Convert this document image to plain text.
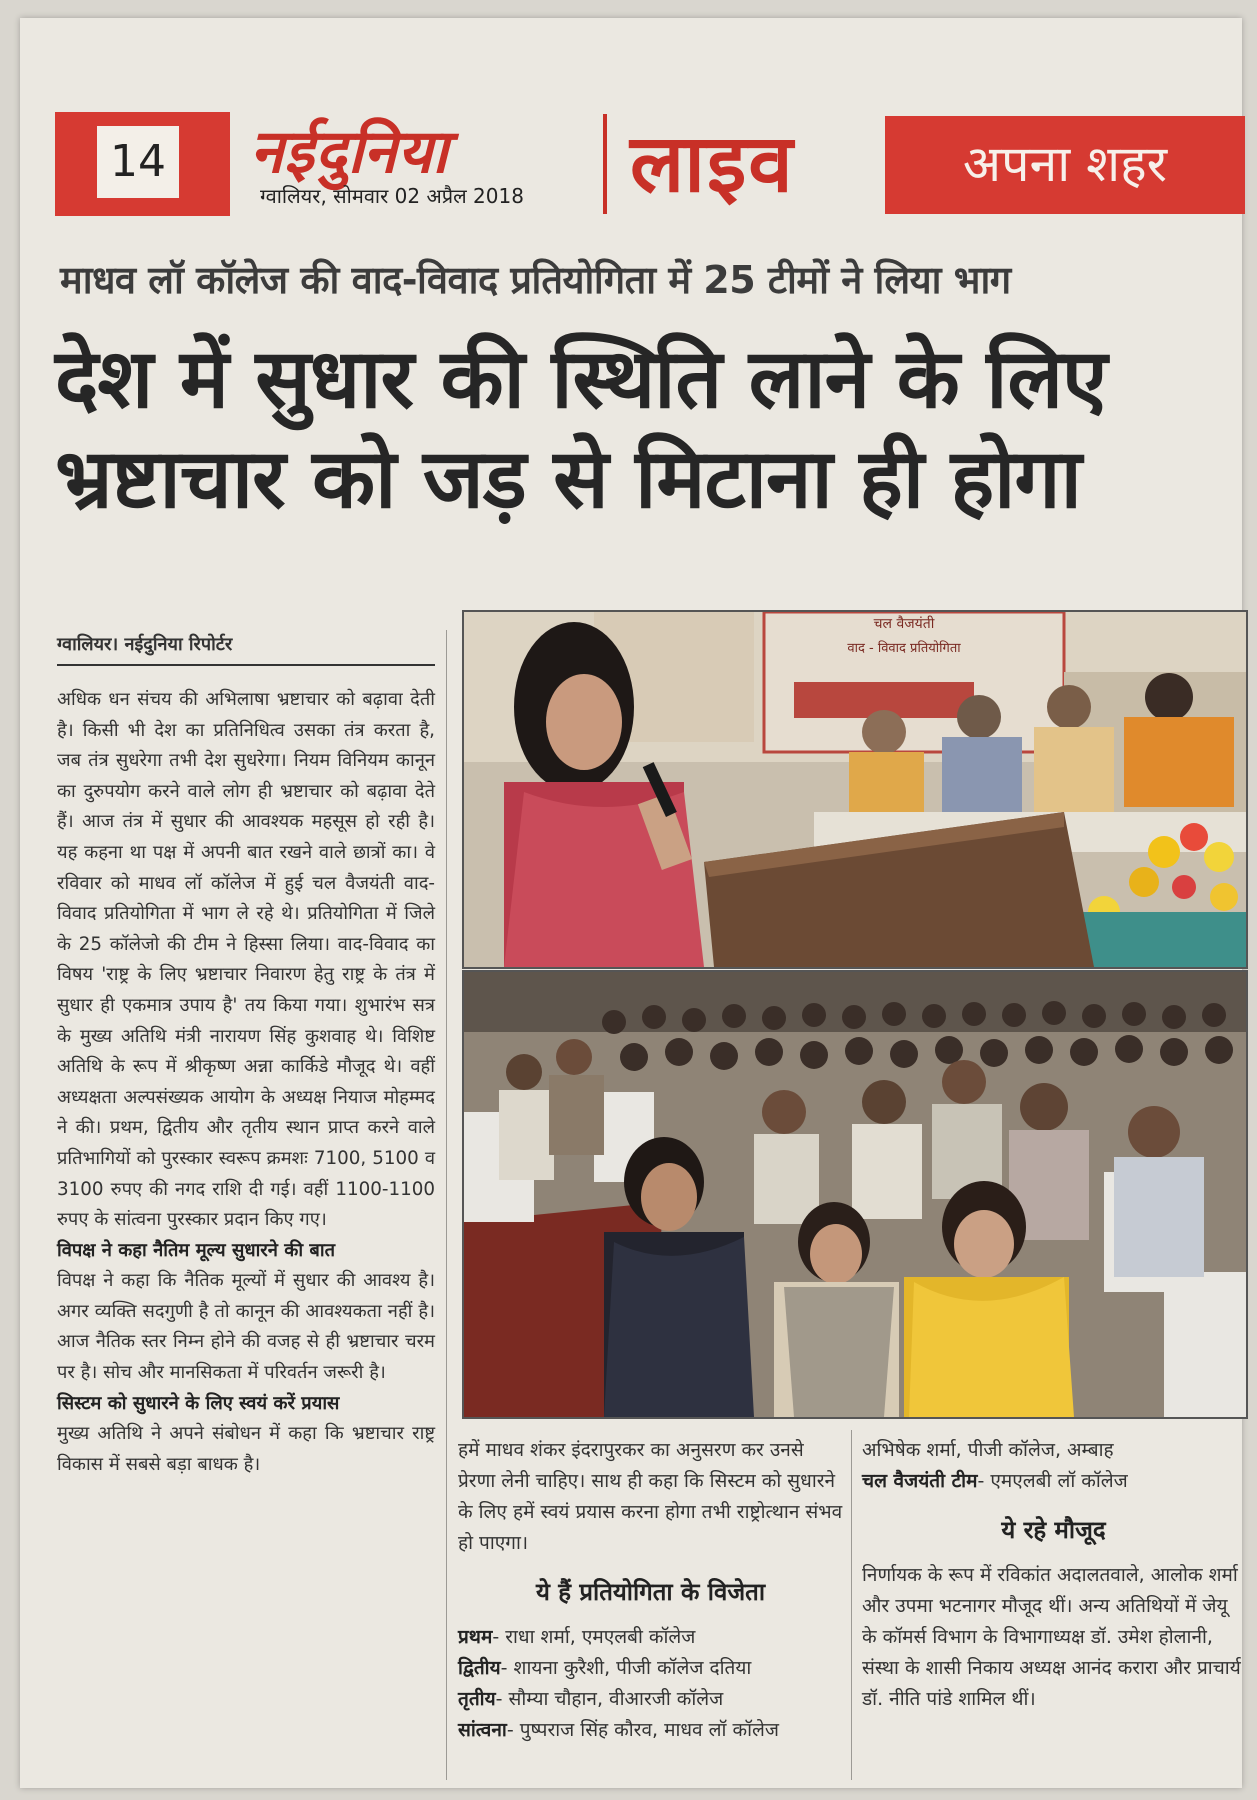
14 नईदुनिया
ग्वालियर, सोमवार 02 अप्रैल 2018 लाइव	अपना शहर
माधव लॉ कॉलेज की वाद-विवाद प्रतियोगिता में 25 टीमों ने लिया भाग
देश में सुधार की स्थिति लाने के लिए
भ्रष्टाचार को जड़ से मिटाना ही होगा
ग्वालियर। नईदुनिया रिपोर्टर

अधिक धन संचय की अभिलाषा भ्रष्टाचार को बढ़ावा देती है। किसी भी देश का प्रतिनिधित्व उसका तंत्र करता है, जब तंत्र सुधरेगा तभी देश सुधरेगा। नियम विनियम कानून का दुरुपयोग करने वाले लोग ही भ्रष्टाचार को बढ़ावा देते हैं। आज तंत्र में सुधार की आवश्यक महसूस हो रही है। यह कहना था पक्ष में अपनी बात रखने वाले छात्रों का। वे रविवार को माधव लॉ कॉलेज में हुई चल वैजयंती वाद-विवाद प्रतियोगिता में भाग ले रहे थे। प्रतियोगिता में जिले के 25 कॉलेजो की टीम ने हिस्सा लिया। वाद-विवाद का विषय 'राष्ट्र के लिए भ्रष्टाचार निवारण हेतु राष्ट्र के तंत्र में सुधार ही एकमात्र उपाय है' तय किया गया। शुभारंभ सत्र के मुख्य अतिथि मंत्री नारायण सिंह कुशवाह थे। विशिष्ट अतिथि के रूप में श्रीकृष्ण अन्ना कार्किडे मौजूद थे। वहीं अध्यक्षता अल्पसंख्यक आयोग के अध्यक्ष नियाज मोहम्मद ने की। प्रथम, द्वितीय और तृतीय स्थान प्राप्त करने वाले प्रतिभागियों को पुरस्कार स्वरूप क्रमशः 7100, 5100 व 3100 रुपए की नगद राशि दी गई। वहीं 1100-1100 रुपए के सांत्वना पुरस्कार प्रदान किए गए।

विपक्ष ने कहा नैतिम मूल्य सुधारने की बात

विपक्ष ने कहा कि नैतिक मूल्यों में सुधार की आवश्य है। अगर व्यक्ति सदगुणी है तो कानून की आवश्यकता नहीं है। आज नैतिक स्तर निम्न होने की वजह से ही भ्रष्टाचार चरम पर है। सोच और मानसिकता में परिवर्तन जरूरी है।

सिस्टम को सुधारने के लिए स्वयं करें प्रयास

मुख्य अतिथि ने अपने संबोधन में कहा कि भ्रष्टाचार राष्ट्र विकास में सबसे बड़ा बाधक है।

चल वैजयंती
वाद - विवाद प्रतियोगिता

हमें माधव शंकर इंदरापुरकर का अनुसरण कर उनसे प्रेरणा लेनी चाहिए। साथ ही कहा कि सिस्टम को सुधारने के लिए हमें स्वयं प्रयास करना होगा तभी राष्ट्रोत्थान संभव हो पाएगा।

ये हैं प्रतियोगिता के विजेता
प्रथम- राधा शर्मा, एमएलबी कॉलेज
द्वितीय- शायना कुरैशी, पीजी कॉलेज दतिया
तृतीय- सौम्या चौहान, वीआरजी कॉलेज
सांत्वना- पुष्पराज सिंह कौरव, माधव लॉ कॉलेज

अभिषेक शर्मा, पीजी कॉलेज, अम्बाह

चल वैजयंती टीम- एमएलबी लॉ कॉलेज
ये रहे मौजूद

निर्णायक के रूप में रविकांत अदालतवाले, आलोक शर्मा और उपमा भटनागर मौजूद थीं। अन्य अतिथियों में जेयू के कॉमर्स विभाग के विभागाध्यक्ष डॉ. उमेश होलानी, संस्था के शासी निकाय अध्यक्ष आनंद करारा और प्राचार्य डॉ. नीति पांडे शामिल थीं।
